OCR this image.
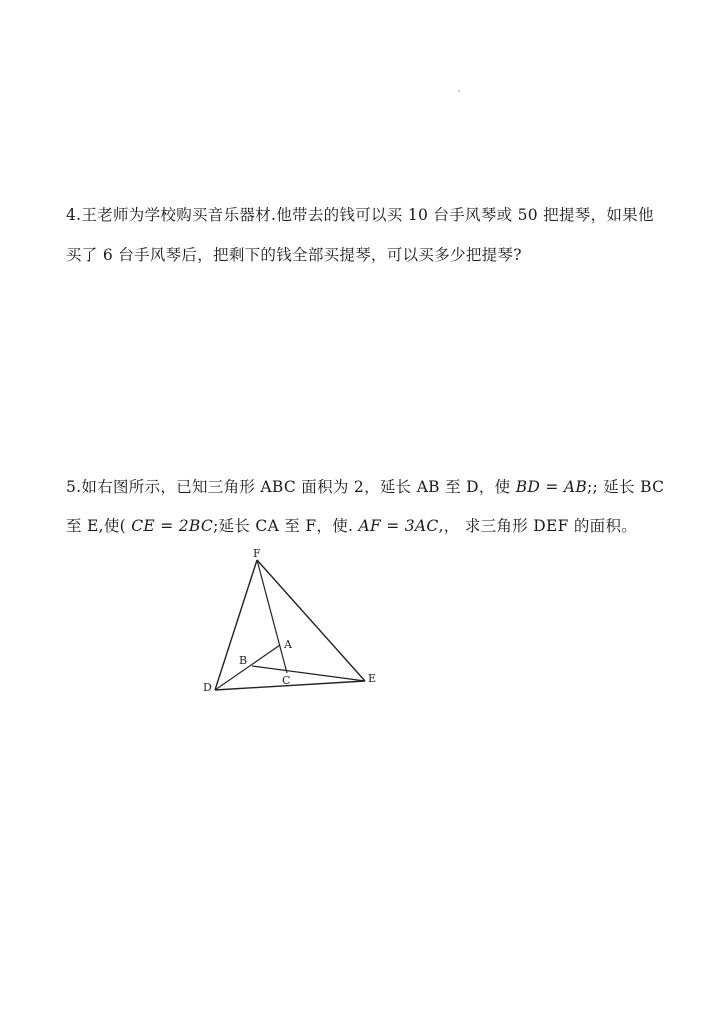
4.王老师为学校购买音乐器材.他带去的钱可以买 10 台手风琴或 50 把提琴，如果他
买了 6 台手风琴后，把剩下的钱全部买提琴，可以买多少把提琴?
5.如右图所示，已知三角形 ABC 面积为 2，延长 AB 至 D，使 BD = AB;; 延长 BC
至 E,使( CE = 2BC;延长 CA 至 F，使. AF = 3AC,， 求三角形 DEF 的面积。
F
A
B
C
D
E
